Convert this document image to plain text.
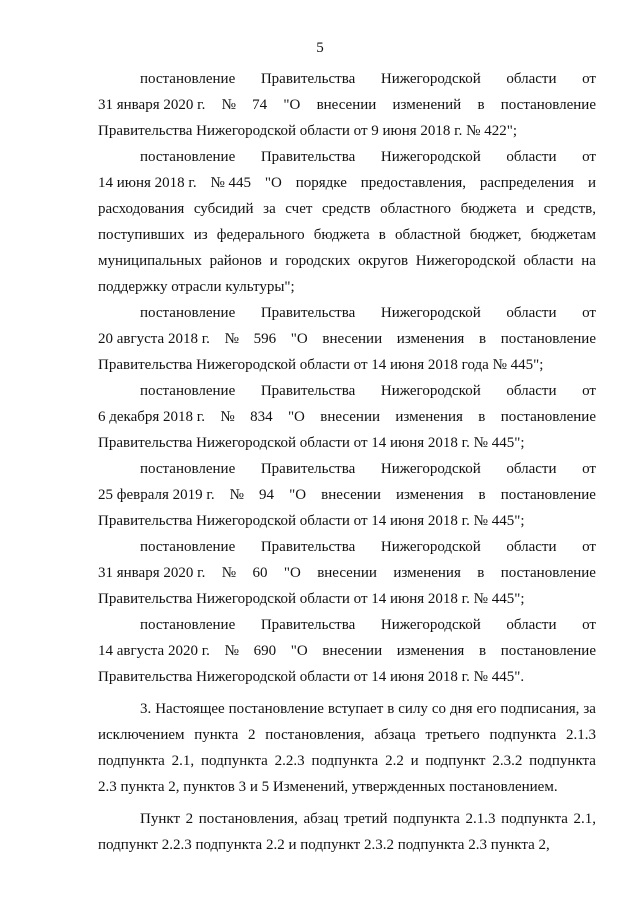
5
постановление Правительства Нижегородской области от
31 января 2020 г. № 74 "О внесении изменений в постановление
Правительства Нижегородской области от 9 июня 2018 г. № 422";
постановление Правительства Нижегородской области от
14 июня 2018 г. № 445 "О порядке предоставления, распределения и
расходования субсидий за счет средств областного бюджета и средств,
поступивших из федерального бюджета в областной бюджет, бюджетам
муниципальных районов и городских округов Нижегородской области на
поддержку отрасли культуры";
постановление Правительства Нижегородской области от
20 августа 2018 г. № 596 "О внесении изменения в постановление
Правительства Нижегородской области от 14 июня 2018 года № 445";
постановление Правительства Нижегородской области от
6 декабря 2018 г. № 834 "О внесении изменения в постановление
Правительства Нижегородской области от 14 июня 2018 г. № 445";
постановление Правительства Нижегородской области от
25 февраля 2019 г. № 94 "О внесении изменения в постановление
Правительства Нижегородской области от 14 июня 2018 г. № 445";
постановление Правительства Нижегородской области от
31 января 2020 г. № 60 "О внесении изменения в постановление
Правительства Нижегородской области от 14 июня 2018 г. № 445";
постановление Правительства Нижегородской области от
14 августа 2020 г. № 690 "О внесении изменения в постановление
Правительства Нижегородской области от 14 июня 2018 г. № 445".
3. Настоящее постановление вступает в силу со дня его подписания, за
исключением пункта 2 постановления, абзаца третьего подпункта 2.1.3
подпункта 2.1, подпункта 2.2.3 подпункта 2.2 и подпункт 2.3.2 подпункта
2.3 пункта 2, пунктов 3 и 5 Изменений, утвержденных постановлением.
Пункт 2 постановления, абзац третий подпункта 2.1.3 подпункта 2.1,
подпункт 2.2.3 подпункта 2.2 и подпункт 2.3.2 подпункта 2.3 пункта 2,
